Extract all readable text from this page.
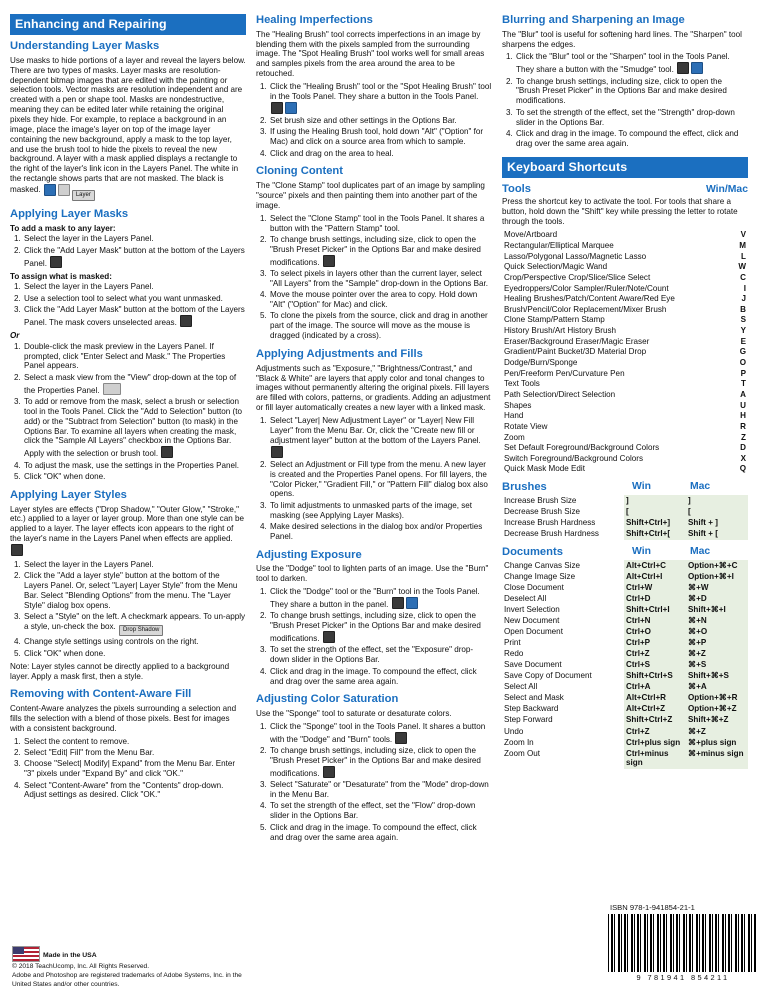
Enhancing and Repairing
Understanding Layer Masks

Use masks to hide portions of a layer and reveal the layers below. There are two types of masks. Layer masks are resolution-dependent bitmap images that are edited with the painting or selection tools. Vector masks are resolution independent and are created with a pen or shape tool. Masks are nondestructive, meaning they can be edited later while retaining the original pixels they hide. For example, to replace a background in an image, place the image's layer on top of the image layer containing the new background, apply a mask to the top layer, and use the brush tool to hide the pixels to reveal the new background. A layer with a mask applied displays a rectangle to the right of the layer's link icon in the Layers Panel. The white in the rectangle shows parts that are not masked. The black is masked. Layer

Applying Layer Masks

To add a mask to any layer:

1. Select the layer in the Layers Panel.
2. Click the "Add Layer Mask" button at the bottom of the Layers Panel.

To assign what is masked:

1. Select the layer in the Layers Panel.
2. Use a selection tool to select what you want unmasked.
3. Click the "Add Layer Mask" button at the bottom of the Layers Panel. The mask covers unselected areas.

Or

1. Double-click the mask preview in the Layers Panel. If prompted, click "Enter Select and Mask." The Properties Panel appears.
2. Select a mask view from the "View" drop-down at the top of the Properties Panel.
3. To add or remove from the mask, select a brush or selection tool in the Tools Panel. Click the "Add to Selection" button (to add) or the "Subtract from Selection" button (to mask) in the Options Bar. To examine all layers when creating the mask, click the "Sample All Layers" checkbox in the Options Bar. Apply with the selection or brush tool.
4. To adjust the mask, use the settings in the Properties Panel.
5. Click "OK" when done.
Applying Layer Styles

Layer styles are effects ("Drop Shadow," "Outer Glow," "Stroke," etc.) applied to a layer or layer group. More than one style can be applied to a layer. The layer effects icon appears to the right of the layer's name in the Layers Panel when effects are applied.

1. Select the layer in the Layers Panel.
2. Click the "Add a layer style" button at the bottom of the Layers Panel. Or, select "Layer| Layer Style" from the Menu Bar. Select "Blending Options" from the menu. The "Layer Style" dialog box opens.
3. Select a "Style" on the left. A checkmark appears. To un-apply a style, un-check the box. Drop Shadow
4. Change style settings using controls on the right.
5. Click "OK" when done.

Note: Layer styles cannot be directly applied to a background layer. Apply a mask first, then a style.

Removing with Content-Aware Fill

Content-Aware analyzes the pixels surrounding a selection and fills the selection with a blend of those pixels. Best for images with a consistent background.

1. Select the content to remove.
2. Select "Edit| Fill" from the Menu Bar.
3. Choose "Select| Modify| Expand" from the Menu Bar. Enter "3" pixels under "Expand By" and click "OK."
4. Select "Content-Aware" from the "Contents" drop-down. Adjust settings as desired. Click "OK."
Healing Imperfections

The "Healing Brush" tool corrects imperfections in an image by blending them with the pixels sampled from the surrounding image. The "Spot Healing Brush" tool works well for small areas and samples pixels from the area around the area to be retouched.

1. Click the "Healing Brush" tool or the "Spot Healing Brush" tool in the Tools Panel. They share a button in the Tools Panel.
2. Set brush size and other settings in the Options Bar.
3. If using the Healing Brush tool, hold down "Alt" ("Option" for Mac) and click on a source area from which to sample.
4. Click and drag on the area to heal.
Cloning Content

The "Clone Stamp" tool duplicates part of an image by sampling "source" pixels and then painting them into another part of the image.

1. Select the "Clone Stamp" tool in the Tools Panel. It shares a button with the "Pattern Stamp" tool.
2. To change brush settings, including size, click to open the "Brush Preset Picker" in the Options Bar and make desired modifications.
3. To select pixels in layers other than the current layer, select "All Layers" from the "Sample" drop-down in the Options Bar.
4. Move the mouse pointer over the area to copy. Hold down "Alt" ("Option" for Mac) and click.
5. To clone the pixels from the source, click and drag in another part of the image. The source will move as the mouse is dragged (indicated by a cross).
Applying Adjustments and Fills

Adjustments such as "Exposure," "Brightness/Contrast," and "Black & White" are layers that apply color and tonal changes to images without permanently altering the original pixels. Fill layers are filled with colors, patterns, or gradients. Adding an adjustment or fill layer automatically creates a new layer with a linked mask.

1. Select "Layer| New Adjustment Layer" or "Layer| New Fill Layer" from the Menu Bar. Or, click the "Create new fill or adjustment layer" button at the bottom of the Layers Panel.
2. Select an Adjustment or Fill type from the menu. A new layer is created and the Properties Panel opens. For fill layers, the "Color Picker," "Gradient Fill," or "Pattern Fill" dialog box also opens.
3. To limit adjustments to unmasked parts of the image, set masking (see Applying Layer Masks).
4. Make desired selections in the dialog box and/or Properties Panel.
Adjusting Exposure

Use the "Dodge" tool to lighten parts of an image. Use the "Burn" tool to darken.

1. Click the "Dodge" tool or the "Burn" tool in the Tools Panel. They share a button in the panel.
2. To change brush settings, including size, click to open the "Brush Preset Picker" in the Options Bar and make desired modifications.
3. To set the strength of the effect, set the "Exposure" drop-down slider in the Options Bar.
4. Click and drag in the image. To compound the effect, click and drag over the same area again.
Adjusting Color Saturation

Use the "Sponge" tool to saturate or desaturate colors.

1. Click the "Sponge" tool in the Tools Panel. It shares a button with the "Dodge" and "Burn" tools.
2. To change brush settings, including size, click to open the "Brush Preset Picker" in the Options Bar and make desired modifications.
3. Select "Saturate" or "Desaturate" from the "Mode" drop-down in the Menu Bar.
4. To set the strength of the effect, set the "Flow" drop-down slider in the Options Bar.
5. Click and drag in the image. To compound the effect, click and drag over the same area again.
Blurring and Sharpening an Image

The "Blur" tool is useful for softening hard lines. The "Sharpen" tool sharpens the edges.

1. Click the "Blur" tool or the "Sharpen" tool in the Tools Panel. They share a button with the "Smudge" tool.
2. To change brush settings, including size, click to open the "Brush Preset Picker" in the Options Bar and make desired modifications.
3. To set the strength of the effect, set the "Strength" drop-down slider in the Options Bar.
4. Click and drag in the image. To compound the effect, click and drag over the same area again.
Keyboard Shortcuts
Tools	Win/Mac

Press the shortcut key to activate the tool. For tools that share a button, hold down the "Shift" key while pressing the letter to rotate through the tools.

Move/Artboard	V
Rectangular/Elliptical Marquee	M
Lasso/Polygonal Lasso/Magnetic Lasso	L
Quick Selection/Magic Wand	W
Crop/Perspective Crop/Slice/Slice Select	C
Eyedroppers/Color Sampler/Ruler/Note/Count	I
Healing Brushes/Patch/Content Aware/Red Eye	J
Brush/Pencil/Color Replacement/Mixer Brush	B
Clone Stamp/Pattern Stamp	S
History Brush/Art History Brush	Y
Eraser/Background Eraser/Magic Eraser	E
Gradient/Paint Bucket/3D Material Drop	G
Dodge/Burn/Sponge	O
Pen/Freeform Pen/Curvature Pen	P
Text Tools	T
Path Selection/Direct Selection	A
Shapes	U
Hand	H
Rotate View	R
Zoom	Z
Set Default Foreground/Background Colors	D
Switch Foreground/Background Colors	X
Quick Mask Mode Edit	Q
Brushes	Win	Mac
Increase Brush Size	]	]
Decrease Brush Size	[	[
Increase Brush Hardness	Shift+Ctrl+]	Shift + ]
Decrease Brush Hardness	Shift+Ctrl+[	Shift + [
Documents	Win	Mac
Change Canvas Size	Alt+Ctrl+C	Option+⌘+C
Change Image Size	Alt+Ctrl+I	Option+⌘+I
Close Document	Ctrl+W	⌘+W
Deselect All	Ctrl+D	⌘+D
Invert Selection	Shift+Ctrl+I	Shift+⌘+I
New Document	Ctrl+N	⌘+N
Open Document	Ctrl+O	⌘+O
Print	Ctrl+P	⌘+P
Redo	Ctrl+Z	⌘+Z
Save Document	Ctrl+S	⌘+S
Save Copy of Document	Shift+Ctrl+S	Shift+⌘+S
Select All	Ctrl+A	⌘+A
Select and Mask	Alt+Ctrl+R	Option+⌘+R
Step Backward	Alt+Ctrl+Z	Option+⌘+Z
Step Forward	Shift+Ctrl+Z	Shift+⌘+Z
Undo	Ctrl+Z	⌘+Z
Zoom In	Ctrl+plus sign	⌘+plus sign
Zoom Out	Ctrl+minus sign	⌘+minus sign
ISBN 978-1-941854-21-1
9 781941 854211
Made in the USA
© 2018 TeachUcomp, Inc. All Rights Reserved.
Adobe and Photoshop are registered trademarks of Adobe Systems, Inc. in the United States and/or other countries.
